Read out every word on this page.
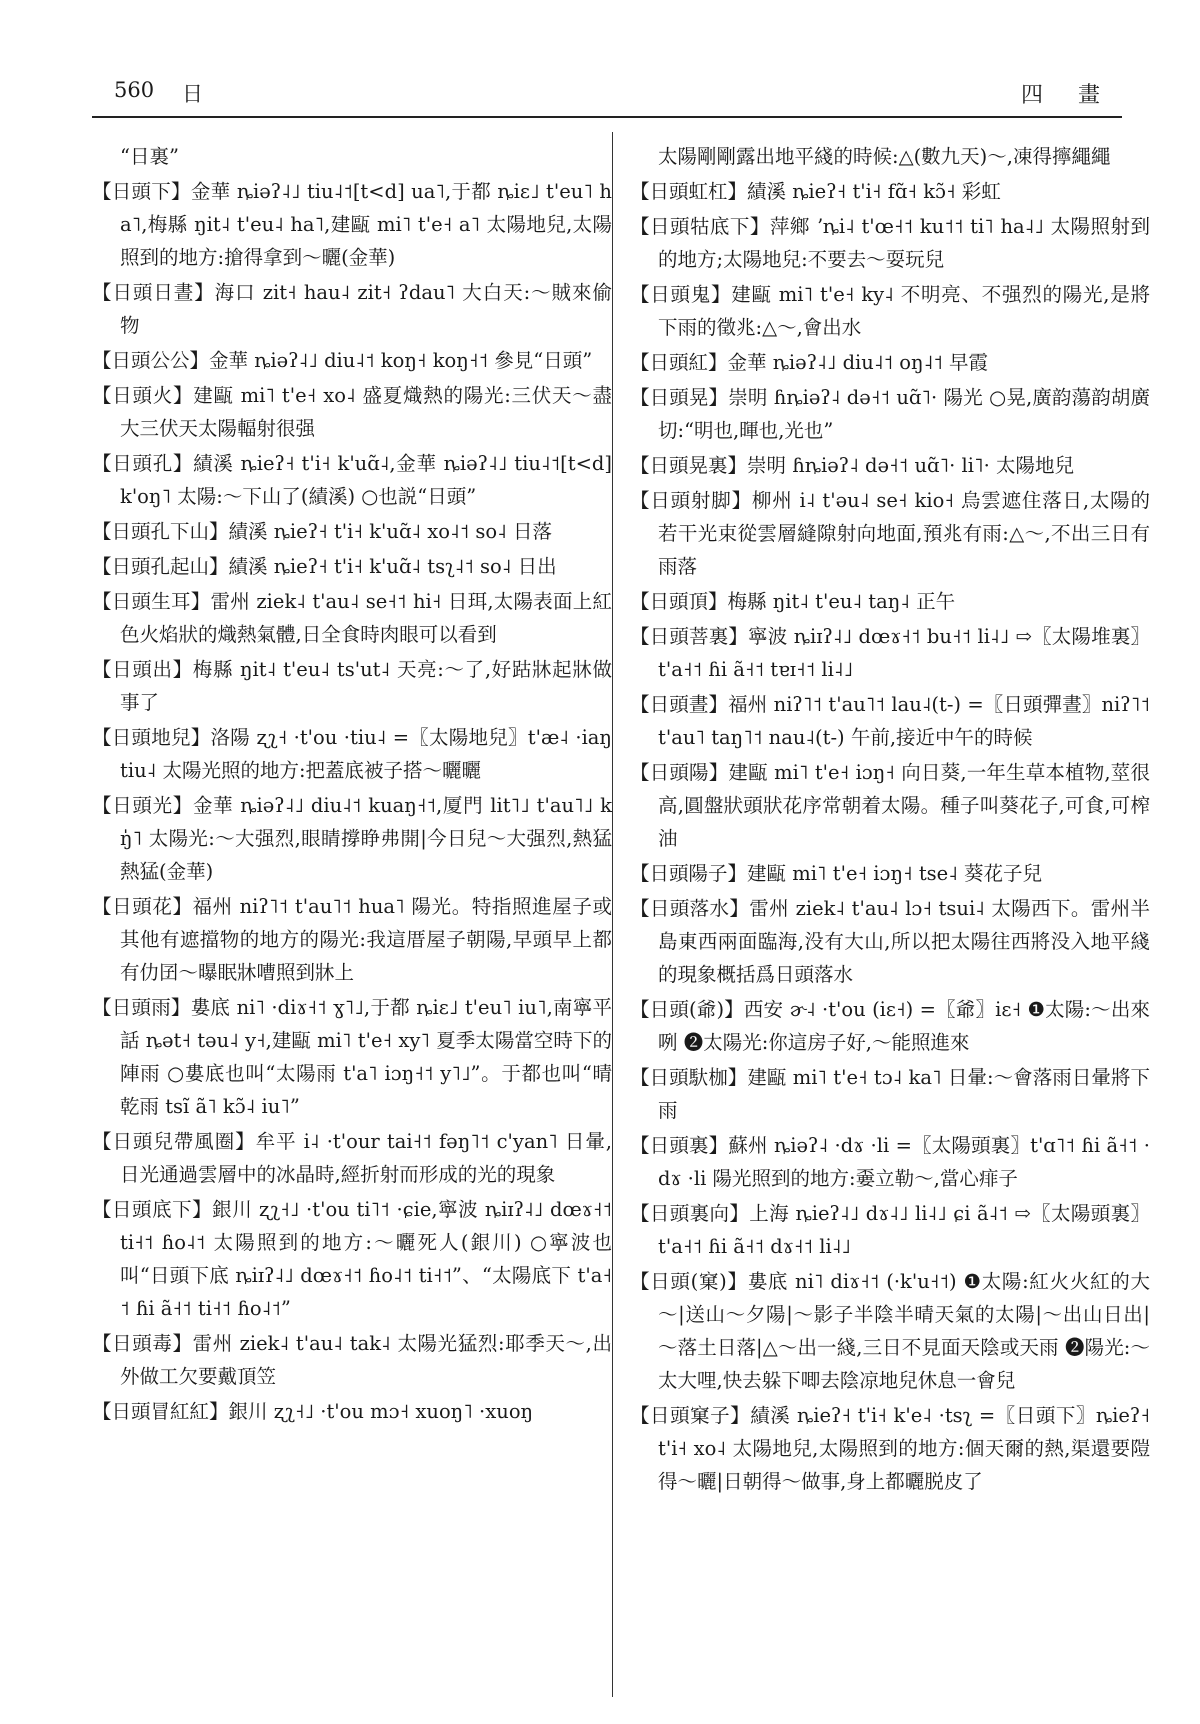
560 日	四 畫

“日裏”

【日頭下】金華 ȵiəʔ˨˩ tiu˨˦[t<d] ua˥,于都 ȵiɛ˩ t'eu˥ ha˥,梅縣 ŋit˨ t'eu˨ ha˥,建甌 mi˥ t'e˧ a˥ 太陽地兒,太陽照到的地方:搶得拿到～曬(金華)

【日頭日晝】海口 zit˧ hau˨ zit˧ ʔdau˥ 大白天:～賊來偷物

【日頭公公】金華 ȵiəʔ˨˩ diu˨˦ koŋ˧ koŋ˧˦ 參見“日頭”

【日頭火】建甌 mi˥ t'e˧ xo˨ 盛夏熾熱的陽光:三伏天～盡大三伏天太陽輻射很强

【日頭孔】績溪 ȵieʔ˧ t'i˧ k'uɑ̃˨,金華 ȵiəʔ˨˩ tiu˨˦[t<d] k'oŋ˥ 太陽:～下山了(績溪) ○也説“日頭”

【日頭孔下山】績溪 ȵieʔ˧ t'i˧ k'uɑ̃˨ xo˨˦ so˨ 日落

【日頭孔起山】績溪 ȵieʔ˧ t'i˧ k'uɑ̃˨ tsʅ˨˦ so˨ 日出

【日頭生耳】雷州 ziek˨ t'au˨ se˧˦ hi˧ 日珥,太陽表面上紅色火焰狀的熾熱氣體,日全食時肉眼可以看到

【日頭出】梅縣 ŋit˨ t'eu˨ ts'ut˨ 天亮:～了,好跍牀起牀做事了

【日頭地兒】洛陽 ʐʅ˧ ·t'ou ·tiu˨ =〖太陽地兒〗t'æ˨ ·iaŋ tiu˨ 太陽光照的地方:把蓋底被子搭～曬曬

【日頭光】金華 ȵiəʔ˨˩ diu˨˦ kuaŋ˧˦,厦門 lit˥˩ t'au˥˩ kŋ̍˥ 太陽光:～大强烈,眼睛撐睁弗開|今日兒～大强烈,熱猛熱猛(金華)

【日頭花】福州 niʔ˥˦ t'au˥˦ hua˥ 陽光。特指照進屋子或其他有遮擋物的地方的陽光:我這厝屋子朝陽,早頭早上都有仂囝～曝眠牀嘈照到牀上

【日頭雨】婁底 ni˥ ·diɤ˧˦ ɣ˥˩,于都 ȵiɛ˩ t'eu˥ iu˥,南寧平話 ȵət˧ təu˨ y˧,建甌 mi˥ t'e˧ xy˥ 夏季太陽當空時下的陣雨 ○婁底也叫“太陽雨 t'a˥ iɔŋ˧˦ y˥˩”。于都也叫“晴乾雨 tsĩ ã˥ kɔ̃˨ iu˥”

【日頭兒帶風圈】牟平 i˨ ·t'our tai˧˦ fəŋ˥˦ c'yan˥ 日暈,日光通過雲層中的冰晶時,經折射而形成的光的現象

【日頭底下】銀川 ʐʅ˧˩ ·t'ou ti˥˦ ·ɕie,寧波 ȵiɪʔ˨˩ dœɤ˧˦ ti˧˦ ɦo˨˦ 太陽照到的地方:～曬死人(銀川) ○寧波也叫“日頭下底 ȵiɪʔ˨˩ dœɤ˧˦ ɦo˨˦ ti˧˦”、“太陽底下 t'a˧˦ ɦi ã˧˦ ti˧˦ ɦo˨˦”

【日頭毒】雷州 ziek˨ t'au˨ tak˨ 太陽光猛烈:耶季天～,出外做工欠要戴頂笠

【日頭冒紅紅】銀川 ʐʅ˧˩ ·t'ou mɔ˧ xuoŋ˥ ·xuoŋ

太陽剛剛露出地平綫的時候:△(數九天)～,凍得擰繩繩

【日頭虹杠】績溪 ȵieʔ˧ t'i˧ fɑ̃˧ kɔ̃˧ 彩虹

【日頭牯底下】萍鄉 ʼȵi˨ t'œ˧˦ ku˦˦ ti˥ ha˨˩ 太陽照射到的地方;太陽地兒:不要去～耍玩兒

【日頭鬼】建甌 mi˥ t'e˧ ky˨ 不明亮、不强烈的陽光,是將下雨的徵兆:△～,會出水

【日頭紅】金華 ȵiəʔ˨˩ diu˨˦ oŋ˨˦ 早霞

【日頭晃】崇明 ɦȵiəʔ˨ də˧˦ uɑ̃˥· 陽光 ○晃,廣韵蕩韵胡廣切:“明也,暉也,光也”

【日頭晃裏】崇明 ɦȵiəʔ˨ də˧˦ uɑ̃˥· li˥· 太陽地兒

【日頭射脚】柳州 i˨ t'əu˨ se˧ kio˧ 烏雲遮住落日,太陽的若干光束從雲層縫隙射向地面,預兆有雨:△～,不出三日有雨落

【日頭頂】梅縣 ŋit˨ t'eu˨ taŋ˨ 正午

【日頭菩裏】寧波 ȵiɪʔ˨˩ dœɤ˧˦ bu˧˦ li˨˩ ⇨〖太陽堆裏〗t'a˧˦ ɦi ã˧˦ tɐɪ˧˦ li˨˩

【日頭晝】福州 niʔ˥˦ t'au˥˦ lau˨(t-) =〖日頭彈晝〗niʔ˥˦ t'au˥ taŋ˥˦ nau˨(t-) 午前,接近中午的時候

【日頭陽】建甌 mi˥ t'e˧ iɔŋ˧ 向日葵,一年生草本植物,莖很高,圓盤狀頭狀花序常朝着太陽。種子叫葵花子,可食,可榨油

【日頭陽子】建甌 mi˥ t'e˧ iɔŋ˧ tse˨ 葵花子兒

【日頭落水】雷州 ziek˨ t'au˨ lɔ˧ tsui˨ 太陽西下。雷州半島東西兩面臨海,没有大山,所以把太陽往西將没入地平綫的現象概括爲日頭落水

【日頭(爺)】西安 ɚ˨ ·t'ou (iɛ˧) =〖爺〗iɛ˧ ❶太陽:～出來咧 ❷太陽光:你這房子好,～能照進來

【日頭馱枷】建甌 mi˥ t'e˧ tɔ˨ ka˥ 日暈:～會落雨日暈將下雨

【日頭裏】蘇州 ȵiəʔ˨ ·dɤ ·li =〖太陽頭裏〗t'ɑ˥˦ ɦi ã˧˦ ·dɤ ·li 陽光照到的地方:嫑立勒～,當心痱子

【日頭裏向】上海 ȵieʔ˨˩ dɤ˨˩ li˨˩ ɕi ã˨˦ ⇨〖太陽頭裏〗t'a˧˦ ɦi ã˧˦ dɤ˧˦ li˨˩

【日頭(窠)】婁底 ni˥ diɤ˧˦ (·k'u˧˦) ❶太陽:紅火火紅的大～|送山～夕陽|～影子半陰半晴天氣的太陽|～出山日出|～落土日落|△～出一綫,三日不見面天陰或天雨 ❷陽光:～太大哩,快去躲下唧去陰凉地兒休息一會兒

【日頭窠子】績溪 ȵieʔ˧ t'i˧ k'e˨ ·tsʅ =〖日頭下〗ȵieʔ˧ t'i˧ xo˨ 太陽地兒,太陽照到的地方:個天爾的熱,渠還要隑得～曬|日朝得～做事,身上都曬脱皮了
